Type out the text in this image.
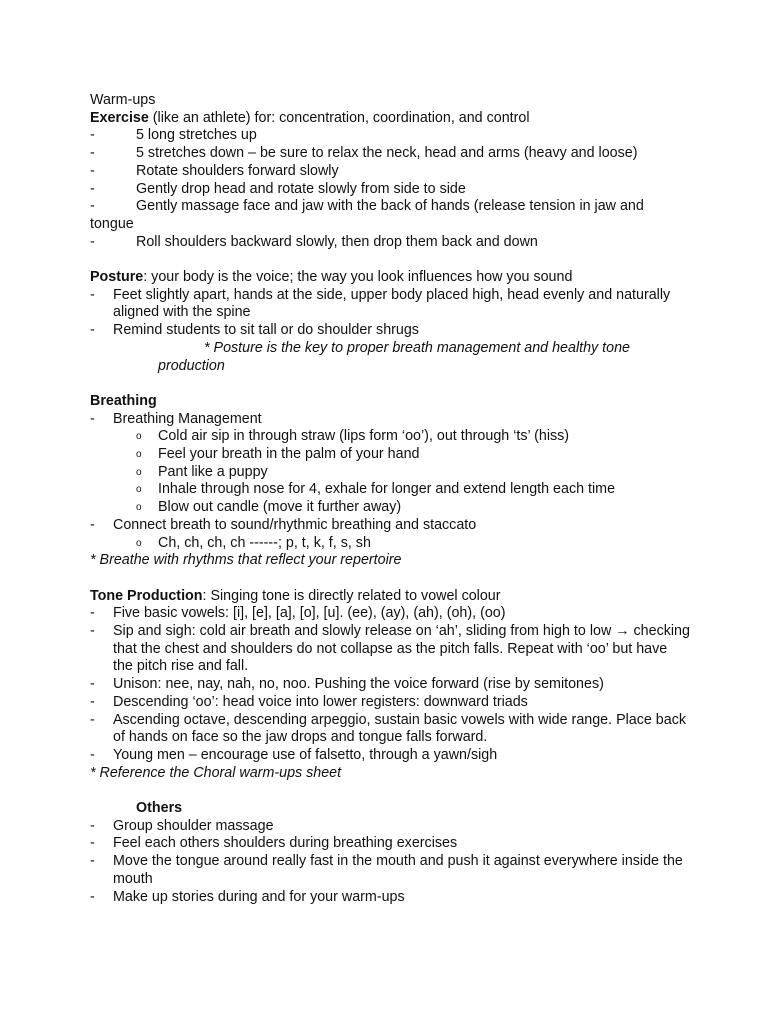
Warm-ups
Exercise (like an athlete) for: concentration, coordination, and control
-	5 long stretches up
-	5 stretches down – be sure to relax the neck, head and arms (heavy and loose)
-	Rotate shoulders forward slowly
-	Gently drop head and rotate slowly from side to side
-	Gently massage face and jaw with the back of hands (release tension in jaw and
tongue
-	Roll shoulders backward slowly, then drop them back and down
Posture: your body is the voice; the way you look influences how you sound
-	Feet slightly apart, hands at the side, upper body placed high, head evenly and naturally aligned with the spine
-	Remind students to sit tall or do shoulder shrugs
* Posture is the key to proper breath management and healthy tone
production
Breathing
-	Breathing Management
o	Cold air sip in through straw (lips form ‘oo’), out through ‘ts’ (hiss)
o	Feel your breath in the palm of your hand
o	Pant like a puppy
o	Inhale through nose for 4, exhale for longer and extend length each time
o	Blow out candle (move it further away)
-	Connect breath to sound/rhythmic breathing and staccato
o	Ch, ch, ch, ch ------; p, t, k, f, s, sh
* Breathe with rhythms that reflect your repertoire
Tone Production: Singing tone is directly related to vowel colour
-	Five basic vowels: [i], [e], [a], [o], [u]. (ee), (ay), (ah), (oh), (oo)
-	Sip and sigh: cold air breath and slowly release on ‘ah’, sliding from high to low → checking that the chest and shoulders do not collapse as the pitch falls. Repeat with ‘oo’ but have the pitch rise and fall.
-	Unison: nee, nay, nah, no, noo. Pushing the voice forward (rise by semitones)
-	Descending ‘oo’: head voice into lower registers: downward triads
-	Ascending octave, descending arpeggio, sustain basic vowels with wide range. Place back of hands on face so the jaw drops and tongue falls forward.
-	Young men – encourage use of falsetto, through a yawn/sigh
* Reference the Choral warm-ups sheet
Others
-	Group shoulder massage
-	Feel each others shoulders during breathing exercises
-	Move the tongue around really fast in the mouth and push it against everywhere inside the mouth
-	Make up stories during and for your warm-ups
